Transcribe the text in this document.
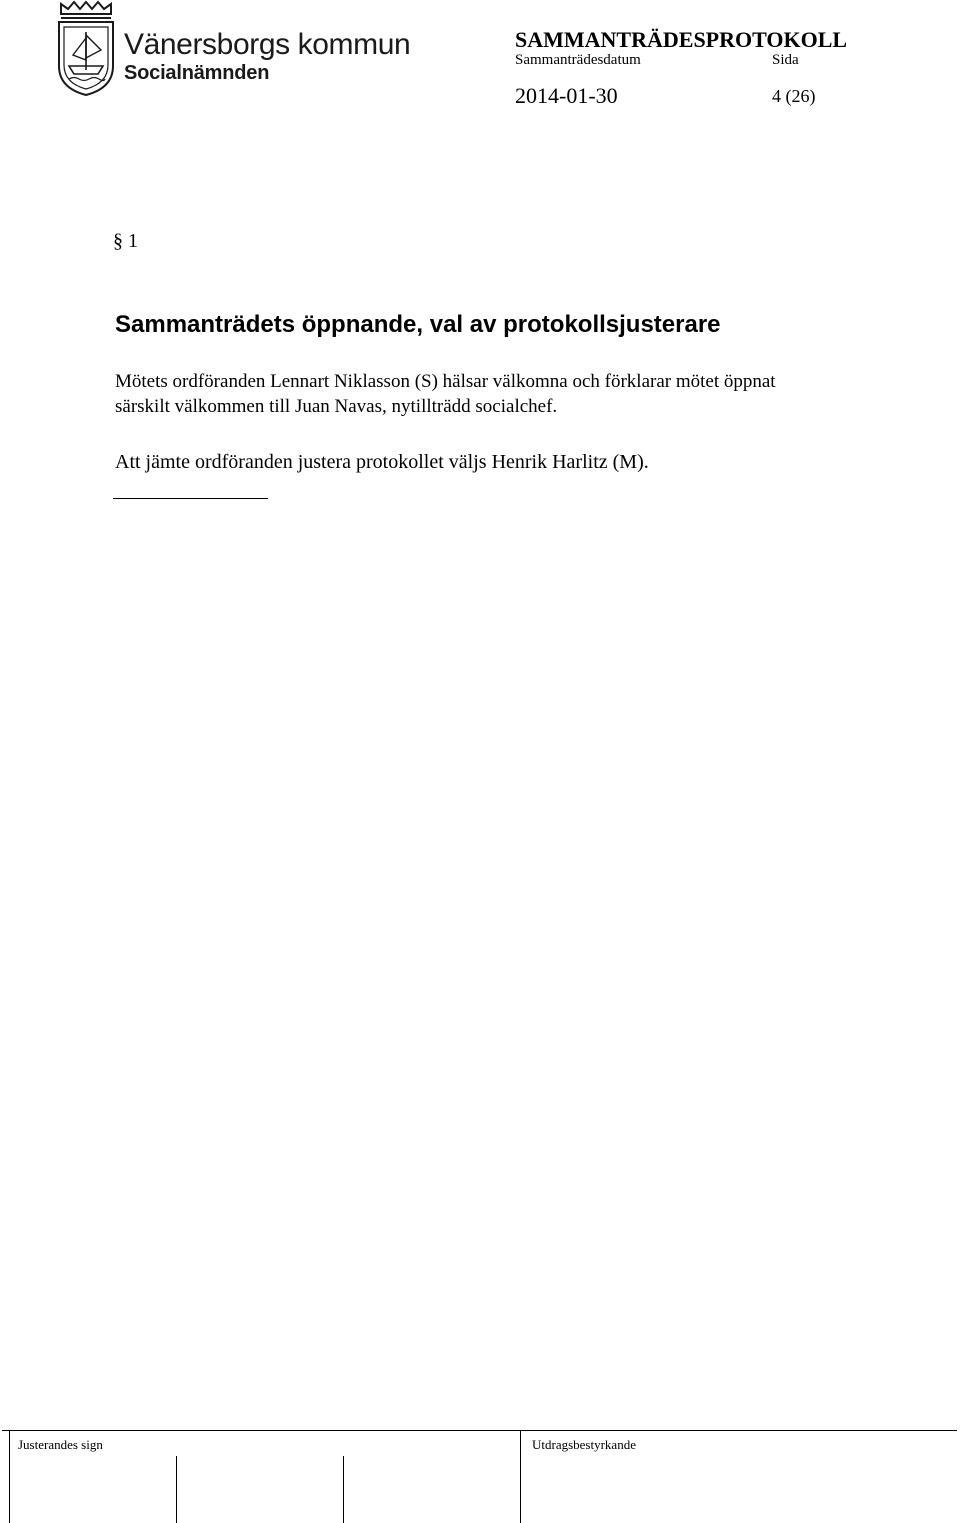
Vänersborgs kommun
Socialnämnden
SAMMANTRÄDESPROTOKOLL
Sammanträdesdatum	Sida
2014-01-30	4 (26)
§ 1
Sammanträdets öppnande, val av protokollsjusterare
Mötets ordföranden Lennart Niklasson (S) hälsar välkomna och förklarar mötet öppnat
särskilt välkommen till Juan Navas, nytillträdd socialchef.
Att jämte ordföranden justera protokollet väljs Henrik Harlitz (M).
Justerandes sign	Utdragsbestyrkande
